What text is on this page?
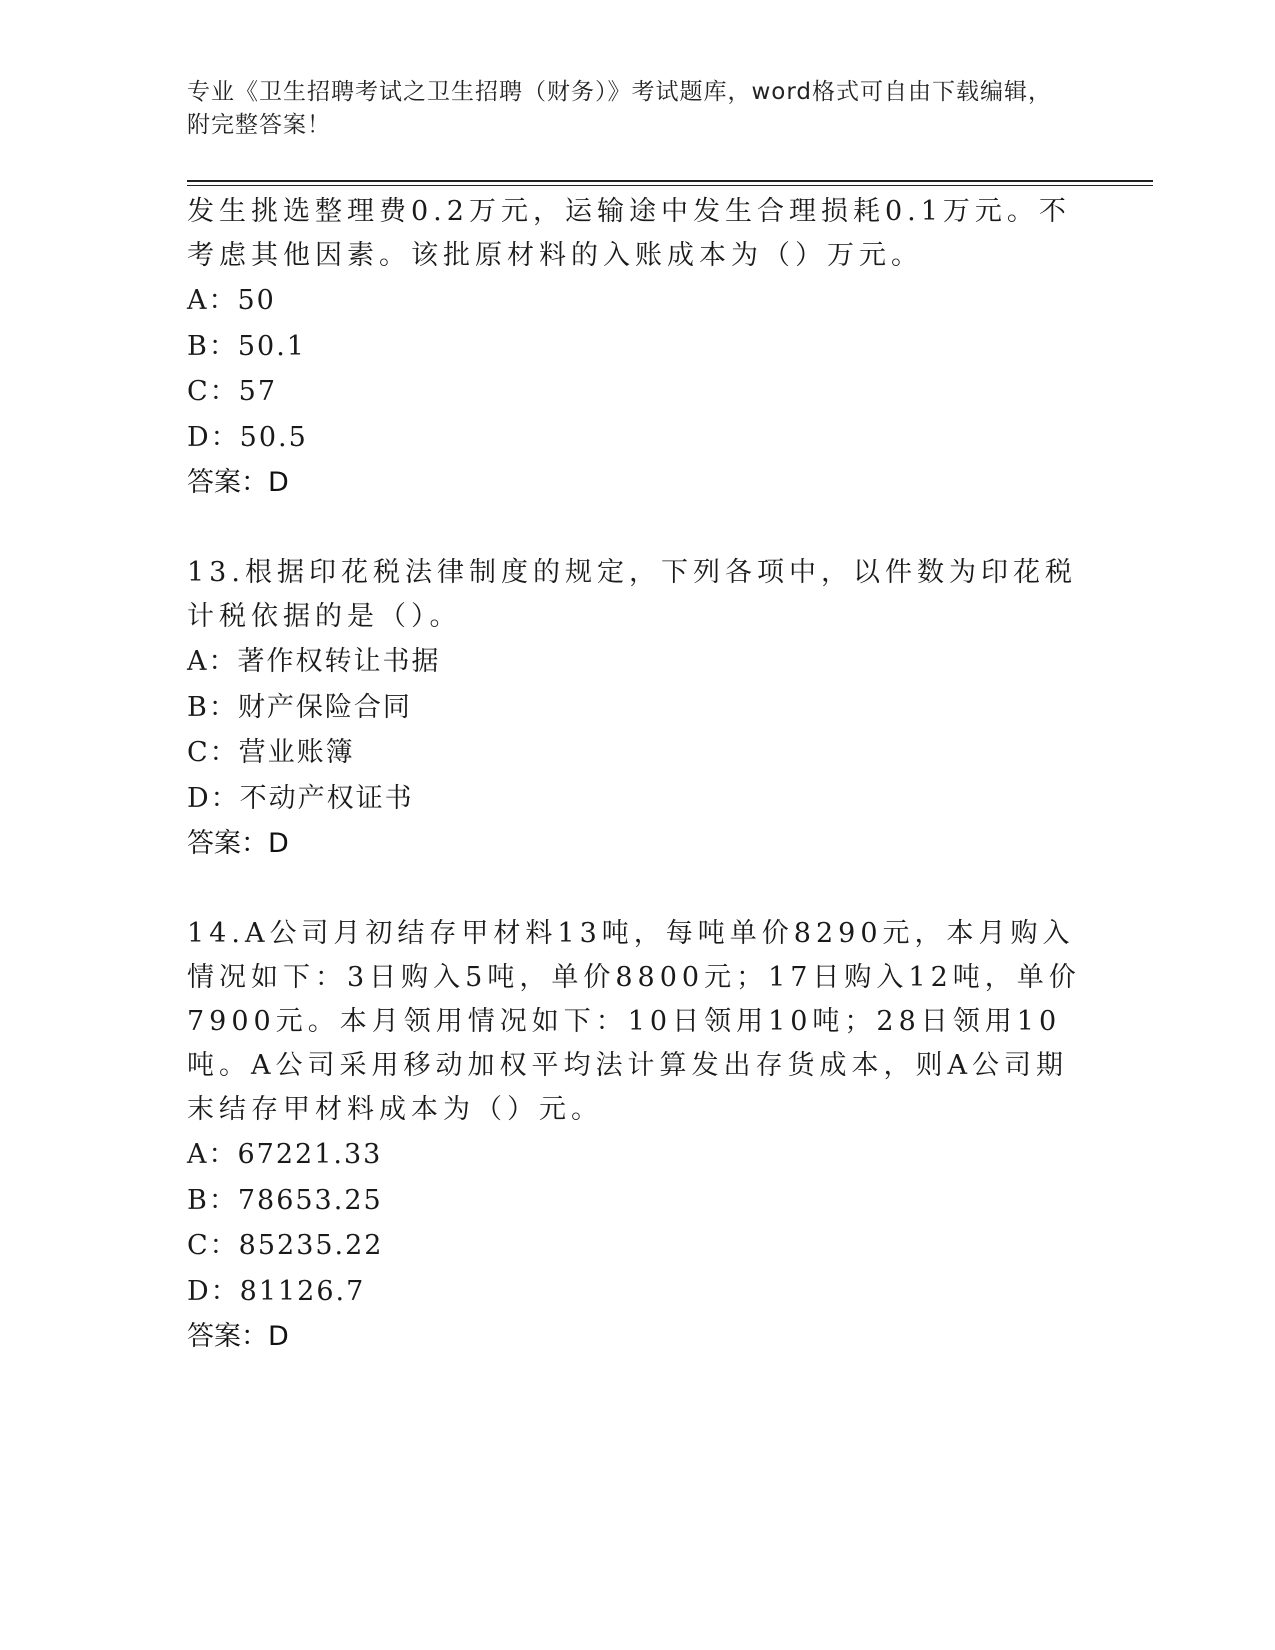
专业《卫生招聘考试之卫生招聘（财务）》考试题库，word格式可自由下载编辑，附完整答案！

发生挑选整理费0.2万元，运输途中发生合理损耗0.1万元。不考虑其他因素。该批原材料的入账成本为（）万元。

A：50

B：50.1

C：57

D：50.5

答案：D

13.根据印花税法律制度的规定，下列各项中，以件数为印花税计税依据的是（）。

A：著作权转让书据

B：财产保险合同

C：营业账簿

D：不动产权证书

答案：D

14.A公司月初结存甲材料13吨，每吨单价8290元，本月购入情况如下：3日购入5吨，单价8800元；17日购入12吨，单价7900元。本月领用情况如下：10日领用10吨；28日领用10吨。A公司采用移动加权平均法计算发出存货成本，则A公司期末结存甲材料成本为（）元。

A：67221.33

B：78653.25

C：85235.22

D：81126.7

答案：D
